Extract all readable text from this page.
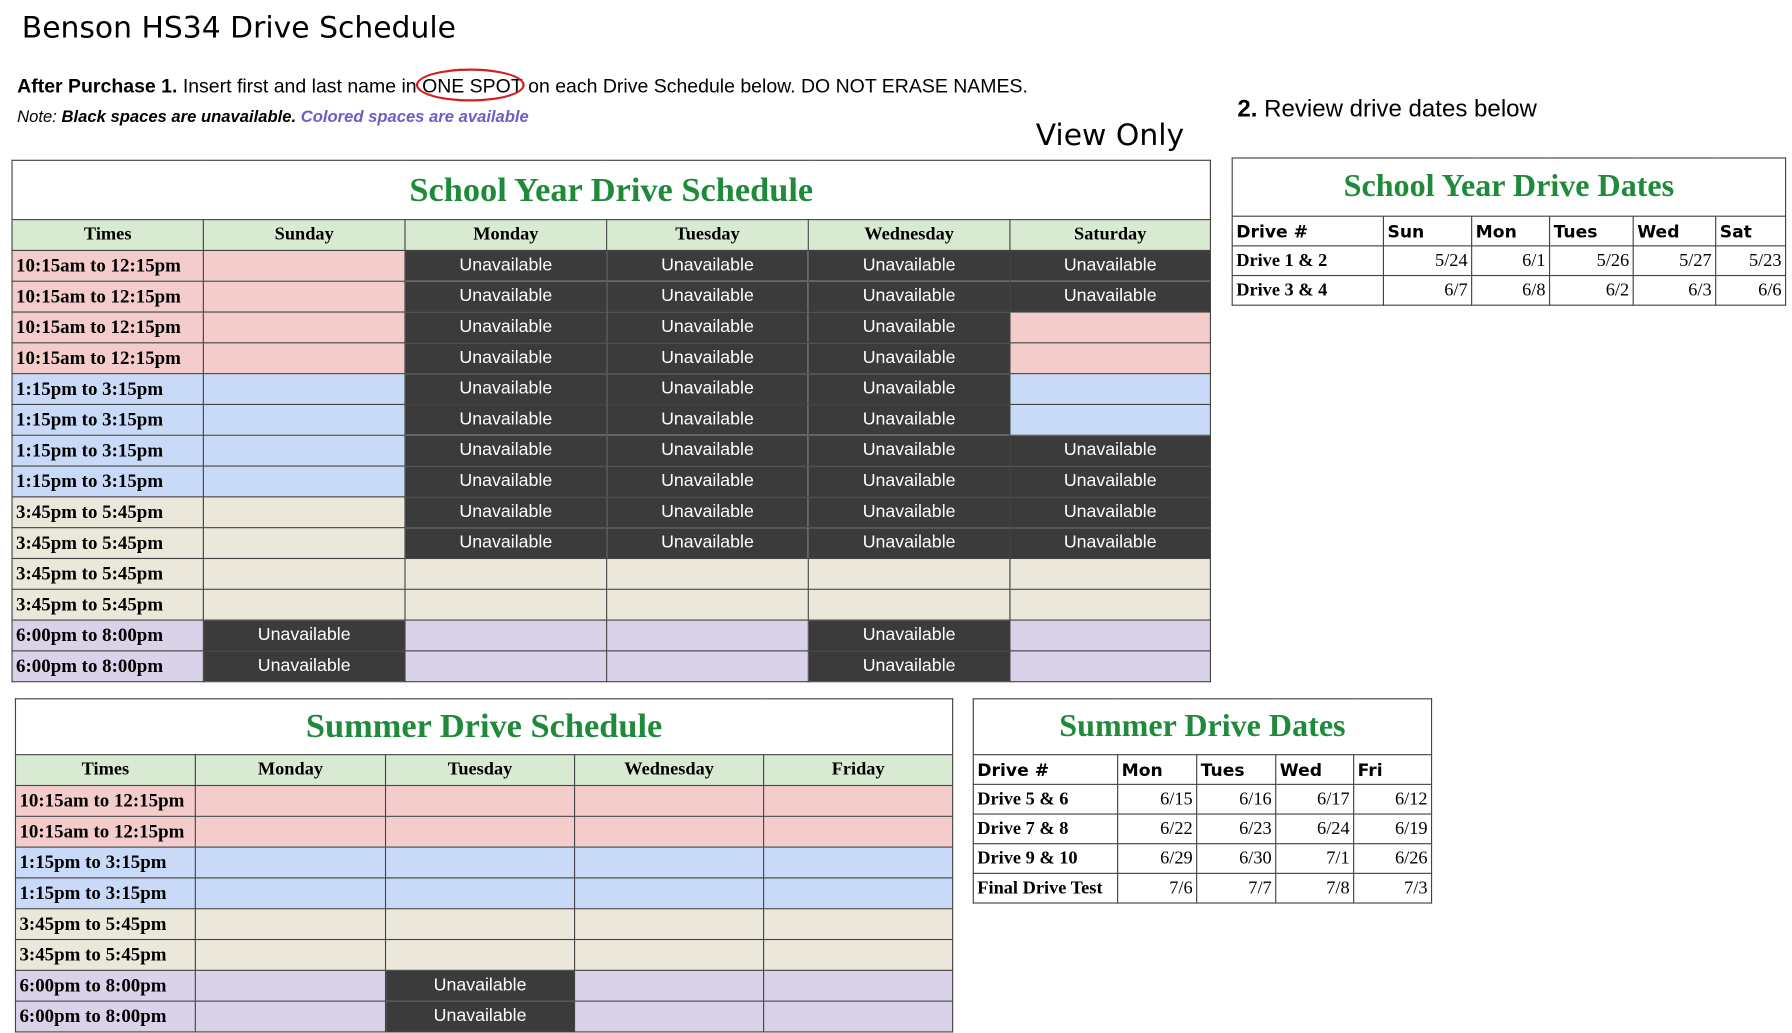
Benson HS34 Drive Schedule
After Purchase 1. Insert first and last name in
ONE SPOT on each Drive Schedule below. DO NOT ERASE NAMES.
Note: Black spaces are unavailable. Colored spaces are available
View Only
2. Review drive dates below
School Year Drive Schedule					
Times	Sunday	Monday	Tuesday	Wednesday	Saturday
10:15am to 12:15pm		Unavailable	Unavailable	Unavailable	Unavailable
10:15am to 12:15pm		Unavailable	Unavailable	Unavailable	Unavailable
10:15am to 12:15pm		Unavailable	Unavailable	Unavailable	
10:15am to 12:15pm		Unavailable	Unavailable	Unavailable	
1:15pm to 3:15pm		Unavailable	Unavailable	Unavailable	
1:15pm to 3:15pm		Unavailable	Unavailable	Unavailable	
1:15pm to 3:15pm		Unavailable	Unavailable	Unavailable	Unavailable
1:15pm to 3:15pm		Unavailable	Unavailable	Unavailable	Unavailable
3:45pm to 5:45pm		Unavailable	Unavailable	Unavailable	Unavailable
3:45pm to 5:45pm		Unavailable	Unavailable	Unavailable	Unavailable
3:45pm to 5:45pm					
3:45pm to 5:45pm					
6:00pm to 8:00pm	Unavailable			Unavailable	
6:00pm to 8:00pm	Unavailable			Unavailable	
School Year Drive Dates					
Drive #	Sun	Mon	Tues	Wed	Sat
Drive 1 & 2	5/24	6/1	5/26	5/27	5/23
Drive 3 & 4	6/7	6/8	6/2	6/3	6/6
Summer Drive Schedule				
Times	Monday	Tuesday	Wednesday	Friday
10:15am to 12:15pm				
10:15am to 12:15pm				
1:15pm to 3:15pm				
1:15pm to 3:15pm				
3:45pm to 5:45pm				
3:45pm to 5:45pm				
6:00pm to 8:00pm		Unavailable		
6:00pm to 8:00pm		Unavailable		
Summer Drive Dates				
Drive #	Mon	Tues	Wed	Fri
Drive 5 & 6	6/15	6/16	6/17	6/12
Drive 7 & 8	6/22	6/23	6/24	6/19
Drive 9 & 10	6/29	6/30	7/1	6/26
Final Drive Test	7/6	7/7	7/8	7/3
